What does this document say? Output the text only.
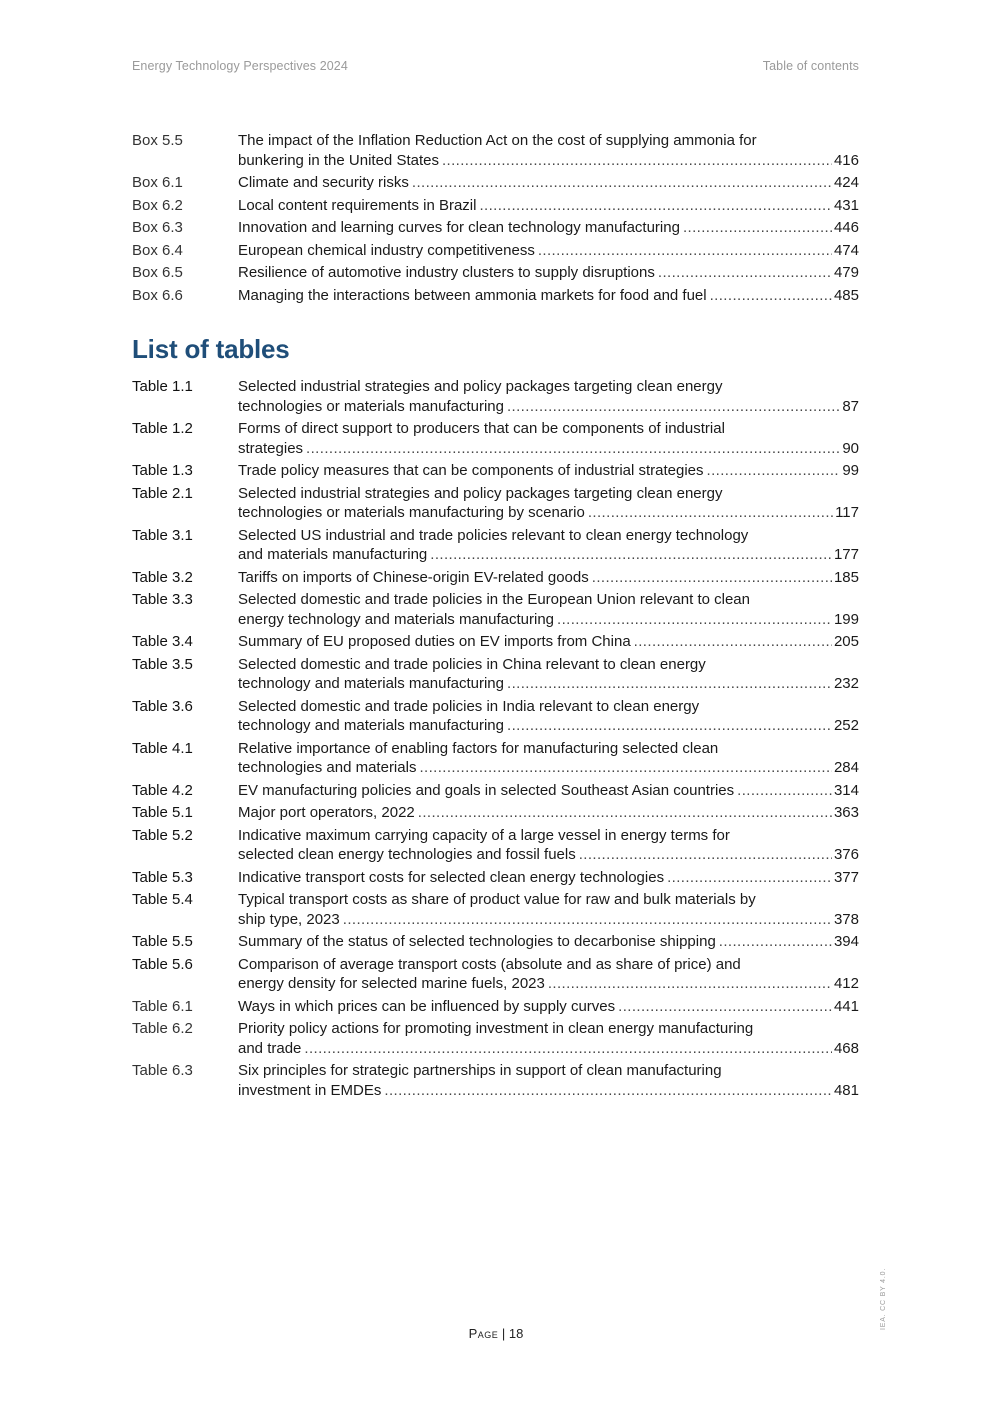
Energy Technology Perspectives 2024	Table of contents
Box 5.5	The impact of the Inflation Reduction Act on the cost of supplying ammonia for
bunkering in the United States .....	416
Box 6.1	Climate and security risks .....	424
Box 6.2	Local content requirements in Brazil .....	431
Box 6.3	Innovation and learning curves for clean technology manufacturing .....	446
Box 6.4	European chemical industry competitiveness .....	474
Box 6.5	Resilience of automotive industry clusters to supply disruptions .....	479
Box 6.6	Managing the interactions between ammonia markets for food and fuel .....	485
List of tables
Table 1.1	Selected industrial strategies and policy packages targeting clean energy
technologies or materials manufacturing .....	87
Table 1.2	Forms of direct support to producers that can be components of industrial
strategies .....	90
Table 1.3	Trade policy measures that can be components of industrial strategies .....	99
Table 2.1	Selected industrial strategies and policy packages targeting clean energy
technologies or materials manufacturing by scenario .....	117
Table 3.1	Selected US industrial and trade policies relevant to clean energy technology
and materials manufacturing .....	177
Table 3.2	Tariffs on imports of Chinese-origin EV-related goods .....	185
Table 3.3	Selected domestic and trade policies in the European Union relevant to clean
energy technology and materials manufacturing .....	199
Table 3.4	Summary of EU proposed duties on EV imports from China .....	205
Table 3.5	Selected domestic and trade policies in China relevant to clean energy
technology and materials manufacturing .....	232
Table 3.6	Selected domestic and trade policies in India relevant to clean energy
technology and materials manufacturing .....	252
Table 4.1	Relative importance of enabling factors for manufacturing selected clean
technologies and materials .....	284
Table 4.2	EV manufacturing policies and goals in selected Southeast Asian countries .....	314
Table 5.1	Major port operators, 2022 .....	363
Table 5.2	Indicative maximum carrying capacity of a large vessel in energy terms for
selected clean energy technologies and fossil fuels .....	376
Table 5.3	Indicative transport costs for selected clean energy technologies .....	377
Table 5.4	Typical transport costs as share of product value for raw and bulk materials by
ship type, 2023 .....	378
Table 5.5	Summary of the status of selected technologies to decarbonise shipping .....	394
Table 5.6	Comparison of average transport costs (absolute and as share of price) and
energy density for selected marine fuels, 2023 .....	412
Table 6.1	Ways in which prices can be influenced by supply curves .....	441
Table 6.2	Priority policy actions for promoting investment in clean energy manufacturing
and trade .....	468
Table 6.3	Six principles for strategic partnerships in support of clean manufacturing
investment in EMDEs .....	481
Page | 18
IEA. CC BY 4.0.
